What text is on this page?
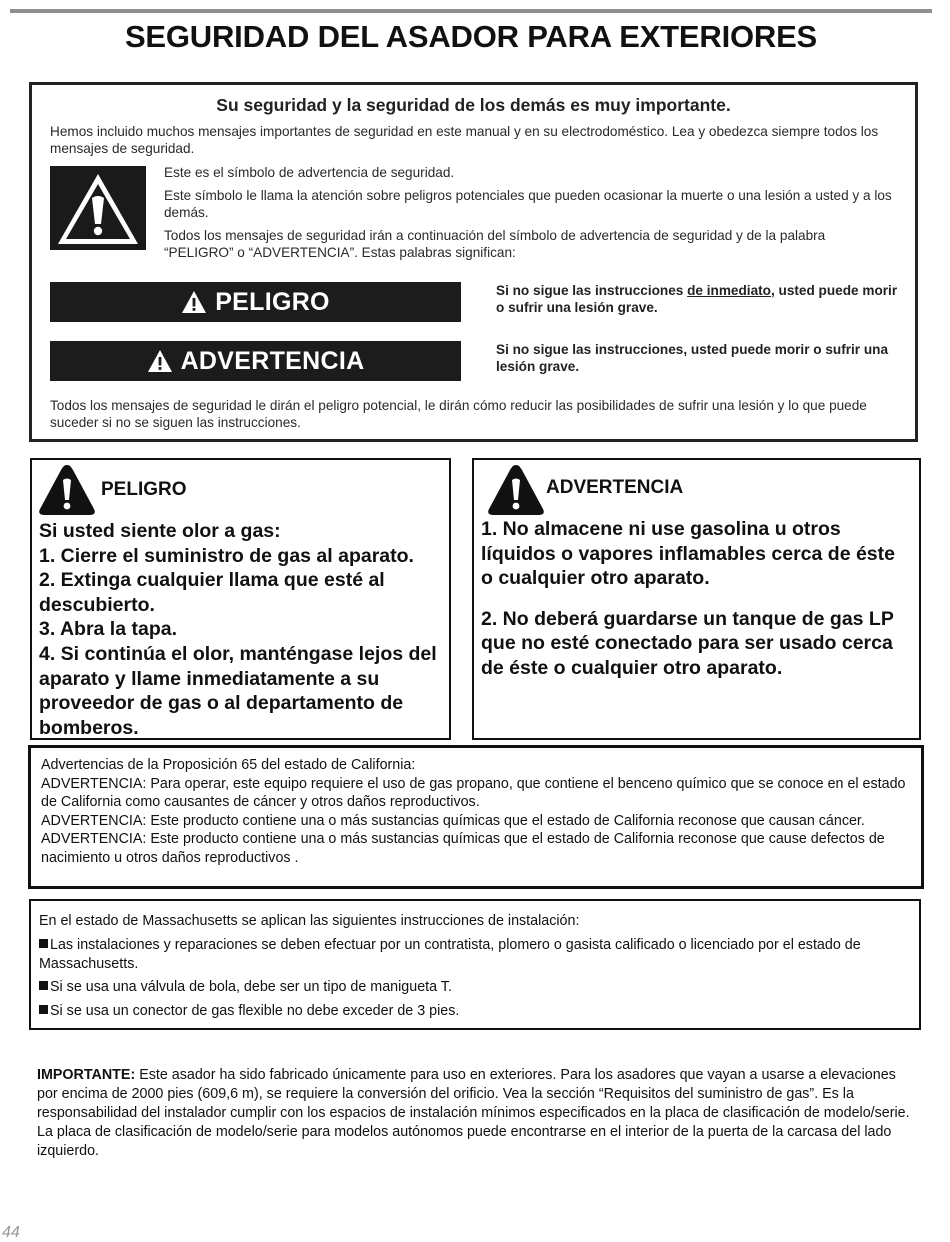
SEGURIDAD DEL ASADOR PARA EXTERIORES
Su seguridad y la seguridad de los demás es muy importante.
Hemos incluido muchos mensajes importantes de seguridad en este manual y en su electrodoméstico. Lea y obedezca siempre todos los mensajes de seguridad.
Este es el símbolo de advertencia de seguridad.
Este símbolo le llama la atención sobre peligros potenciales que pueden ocasionar la muerte o una lesión a usted y a los demás.
Todos los mensajes de seguridad irán a continuación del símbolo de advertencia de seguridad y de la palabra “PELIGRO” o “ADVERTENCIA”. Estas palabras significan:
PELIGRO	Si no sigue las instrucciones de inmediato, usted puede morir o sufrir una lesión grave.
ADVERTENCIA	Si no sigue las instrucciones, usted puede morir o sufrir una lesión grave.
Todos los mensajes de seguridad le dirán el peligro potencial, le dirán cómo reducir las posibilidades de sufrir una lesión y lo que puede suceder si no se siguen las instrucciones.
PELIGRO

Si usted siente olor a gas:

1. Cierre el suministro de gas al aparato.

2. Extinga cualquier llama que esté al descubierto.

3. Abra la tapa.

4. Si continúa el olor, manténgase lejos del aparato y llame inmediatamente a su proveedor de gas o al departamento de bomberos.

ADVERTENCIA

1. No almacene ni use gasolina u otros líquidos o vapores inflamables cerca de éste o cualquier otro aparato.

2. No deberá guardarse un tanque de gas LP que no esté conectado para ser usado cerca de éste o cualquier otro aparato.

Advertencias de la Proposición 65 del estado de California:
ADVERTENCIA: Para operar, este equipo requiere el uso de gas propano, que contiene el benceno químico que se conoce en el estado de California como causantes de cáncer y otros daños reproductivos.
ADVERTENCIA: Este producto contiene una o más sustancias químicas que el estado de California reconose que causan cáncer.
ADVERTENCIA: Este producto contiene una o más sustancias químicas que el estado de California reconose que cause defectos de nacimiento u otros daños reproductivos .
En el estado de Massachusetts se aplican las siguientes instrucciones de instalación:
Las instalaciones y reparaciones se deben efectuar por un contratista, plomero o gasista calificado o licenciado por el estado de Massachusetts.
Si se usa una válvula de bola, debe ser un tipo de manigueta T.
Si se usa un conector de gas flexible no debe exceder de 3 pies.
IMPORTANTE: Este asador ha sido fabricado únicamente para uso en exteriores. Para los asadores que vayan a usarse a elevaciones por encima de 2000 pies (609,6 m), se requiere la conversión del orificio. Vea la sección “Requisitos del suministro de gas”. Es la responsabilidad del instalador cumplir con los espacios de instalación mínimos especificados en la placa de clasificación de modelo/serie. La placa de clasificación de modelo/serie para modelos autónomos puede encontrarse en el interior de la puerta de la carcasa del lado izquierdo.
44
